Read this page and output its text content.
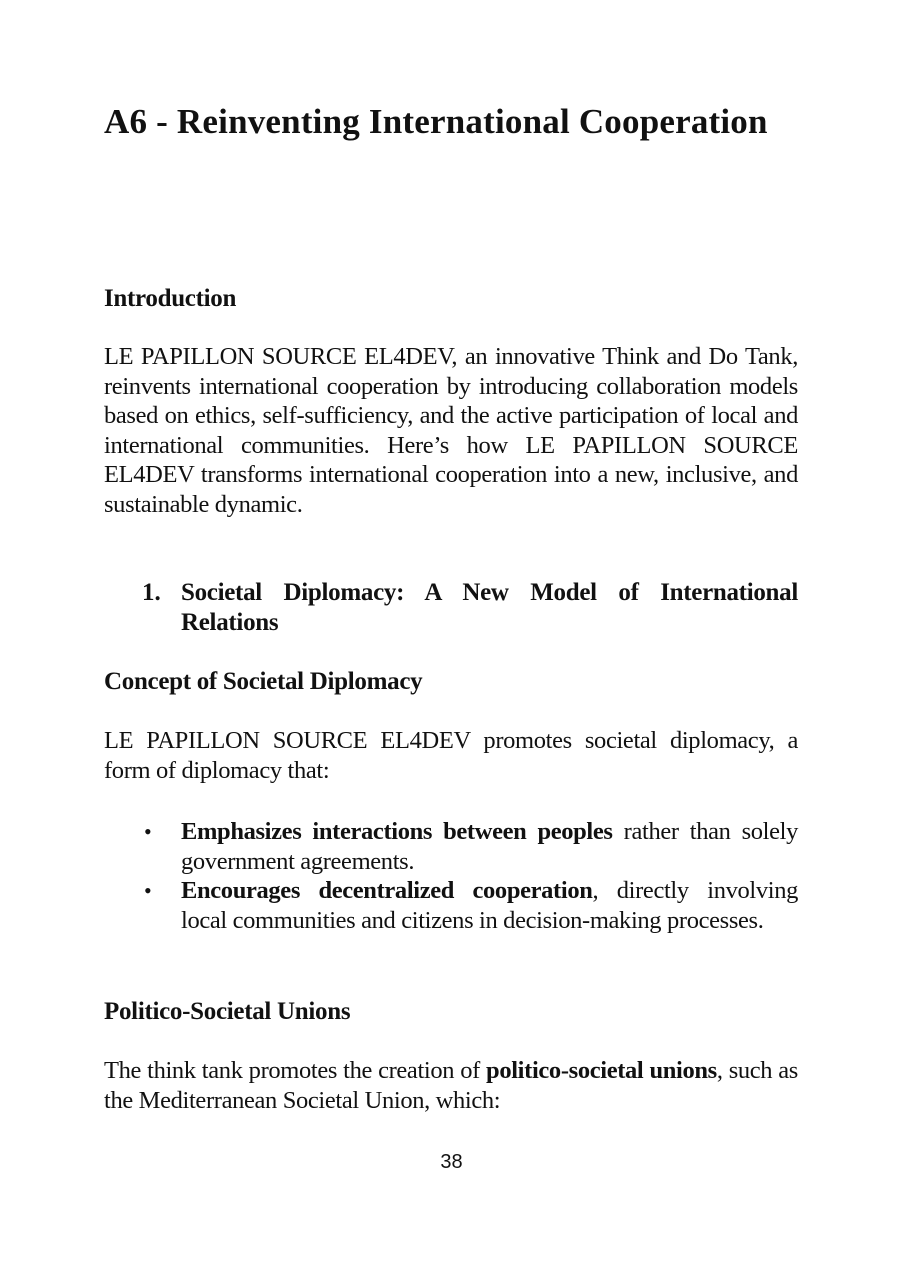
A6 - Reinventing International Cooperation
Introduction

LE PAPILLON SOURCE EL4DEV, an innovative Think and Do Tank, reinvents international cooperation by introducing collaboration models based on ethics, self-sufficiency, and the active participation of local and international communities. Here’s how LE PAPILLON SOURCE EL4DEV transforms international cooperation into a new, inclusive, and sustainable dynamic.

1. Societal Diplomacy: A New Model of International Relations
Concept of Societal Diplomacy

LE PAPILLON SOURCE EL4DEV promotes societal diplomacy, a form of diplomacy that:

• Emphasizes interactions between peoples rather than solely government agreements.
• Encourages decentralized cooperation, directly involving local communities and citizens in decision-making processes.
Politico-Societal Unions

The think tank promotes the creation of politico-societal unions, such as the Mediterranean Societal Union, which:

38
